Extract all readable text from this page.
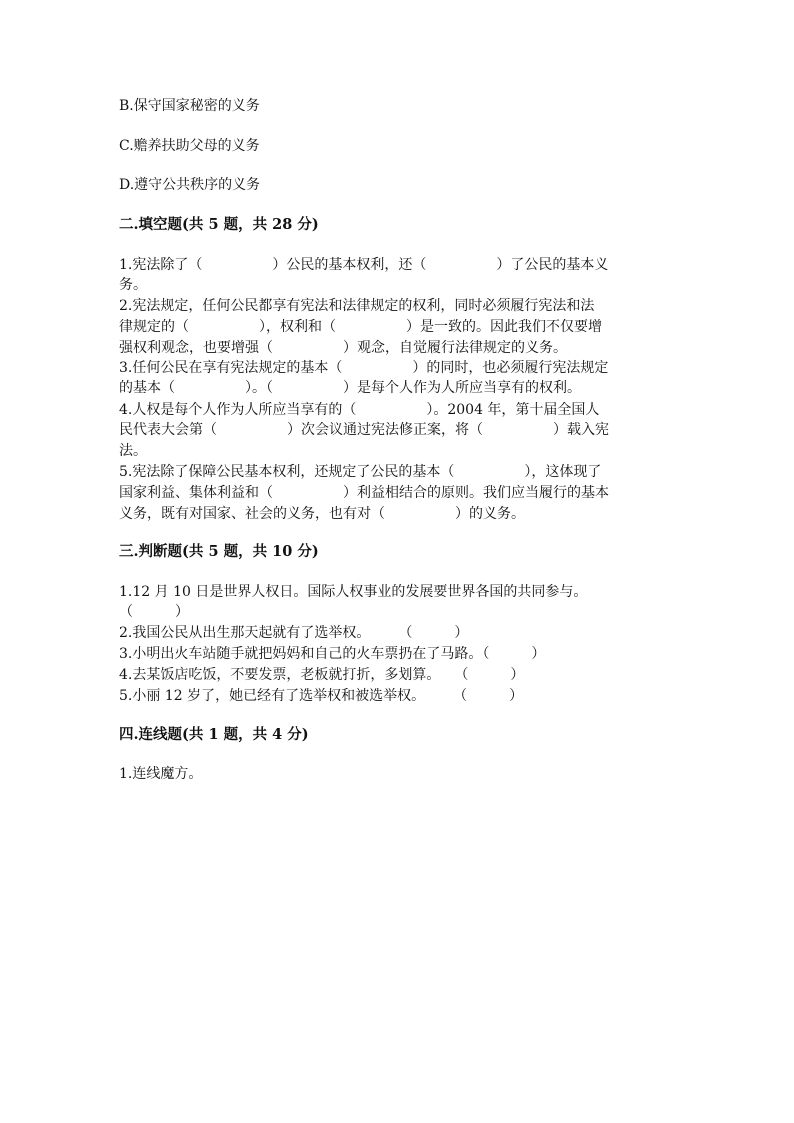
B.保守国家秘密的义务
C.赡养扶助父母的义务
D.遵守公共秩序的义务
二.填空题(共 5 题，共 28 分)
1.宪法除了（　　　　　）公民的基本权利，还（　　　　　）了公民的基本义
务。
2.宪法规定，任何公民都享有宪法和法律规定的权利，同时必须履行宪法和法
律规定的（　　　　　），权利和（　　　　　）是一致的。因此我们不仅要增
强权利观念，也要增强（　　　　　）观念，自觉履行法律规定的义务。
3.任何公民在享有宪法规定的基本（　　　　　）的同时，也必须履行宪法规定
的基本（　　　　　）。（　　　　　）是每个人作为人所应当享有的权利。
4.人权是每个人作为人所应当享有的（　　　　　）。2004 年，第十届全国人
民代表大会第（　　　　　）次会议通过宪法修正案，将（　　　　　）载入宪
法。
5.宪法除了保障公民基本权利，还规定了公民的基本（　　　　　），这体现了
国家利益、集体利益和（　　　　　）利益相结合的原则。我们应当履行的基本
义务，既有对国家、社会的义务，也有对（　　　　　）的义务。
三.判断题(共 5 题，共 10 分)
1.12 月 10 日是世界人权日。国际人权事业的发展要世界各国的共同参与。
（　　　）
2.我国公民从出生那天起就有了选举权。　　　（　　　）
3.小明出火车站随手就把妈妈和自己的火车票扔在了马路。（　　　）
4.去某饭店吃饭，不要发票，老板就打折，多划算。　　（　　　）
5.小丽 12 岁了，她已经有了选举权和被选举权。　　　（　　　）
四.连线题(共 1 题，共 4 分)
1.连线魔方。
